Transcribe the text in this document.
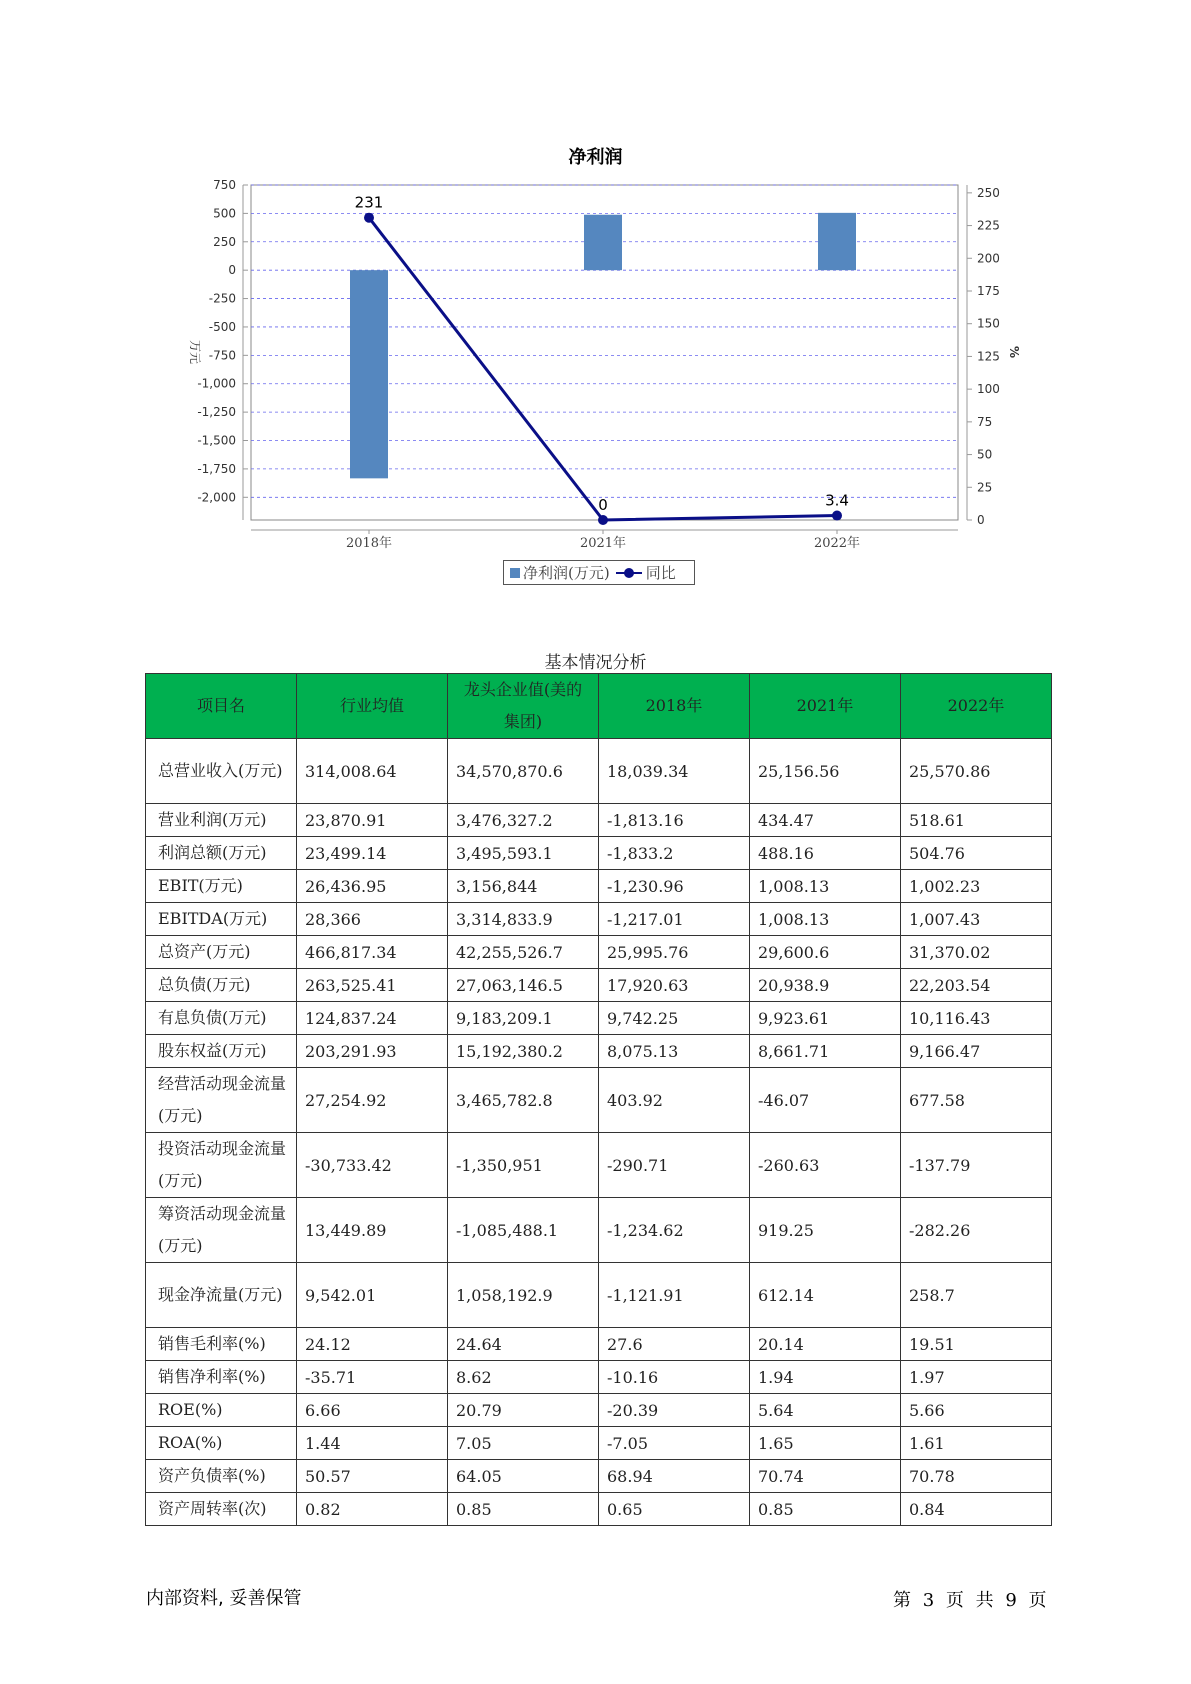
净利润
750
500
250
0
-250
-500
-750
-1,000
-1,250
-1,500
-1,750
-2,000
250
225
200
175
150
125
100
75
50
25
0
万元	%
2018年	2021年	2022年
231
0	3.4
净利润(万元) 同比
基本情况分析
项目名	行业均值	龙头企业值(美的集团)	2018年	2021年	2022年
总营业收入(万元)	314,008.64	34,570,870.6	18,039.34	25,156.56	25,570.86
营业利润(万元)	23,870.91	3,476,327.2	-1,813.16	434.47	518.61
利润总额(万元)	23,499.14	3,495,593.1	-1,833.2	488.16	504.76
EBIT(万元)	26,436.95	3,156,844	-1,230.96	1,008.13	1,002.23
EBITDA(万元)	28,366	3,314,833.9	-1,217.01	1,008.13	1,007.43
总资产(万元)	466,817.34	42,255,526.7	25,995.76	29,600.6	31,370.02
总负债(万元)	263,525.41	27,063,146.5	17,920.63	20,938.9	22,203.54
有息负债(万元)	124,837.24	9,183,209.1	9,742.25	9,923.61	10,116.43
股东权益(万元)	203,291.93	15,192,380.2	8,075.13	8,661.71	9,166.47
经营活动现金流量(万元)	27,254.92	3,465,782.8	403.92	-46.07	677.58
投资活动现金流量(万元)	-30,733.42	-1,350,951	-290.71	-260.63	-137.79
筹资活动现金流量(万元)	13,449.89	-1,085,488.1	-1,234.62	919.25	-282.26
现金净流量(万元)	9,542.01	1,058,192.9	-1,121.91	612.14	258.7
销售毛利率(%)	24.12	24.64	27.6	20.14	19.51
销售净利率(%)	-35.71	8.62	-10.16	1.94	1.97
ROE(%)	6.66	20.79	-20.39	5.64	5.66
ROA(%)	1.44	7.05	-7.05	1.65	1.61
资产负债率(%)	50.57	64.05	68.94	70.74	70.78
资产周转率(次)	0.82	0.85	0.65	0.85	0.84
内部资料, 妥善保管	第 3 页 共 9 页
